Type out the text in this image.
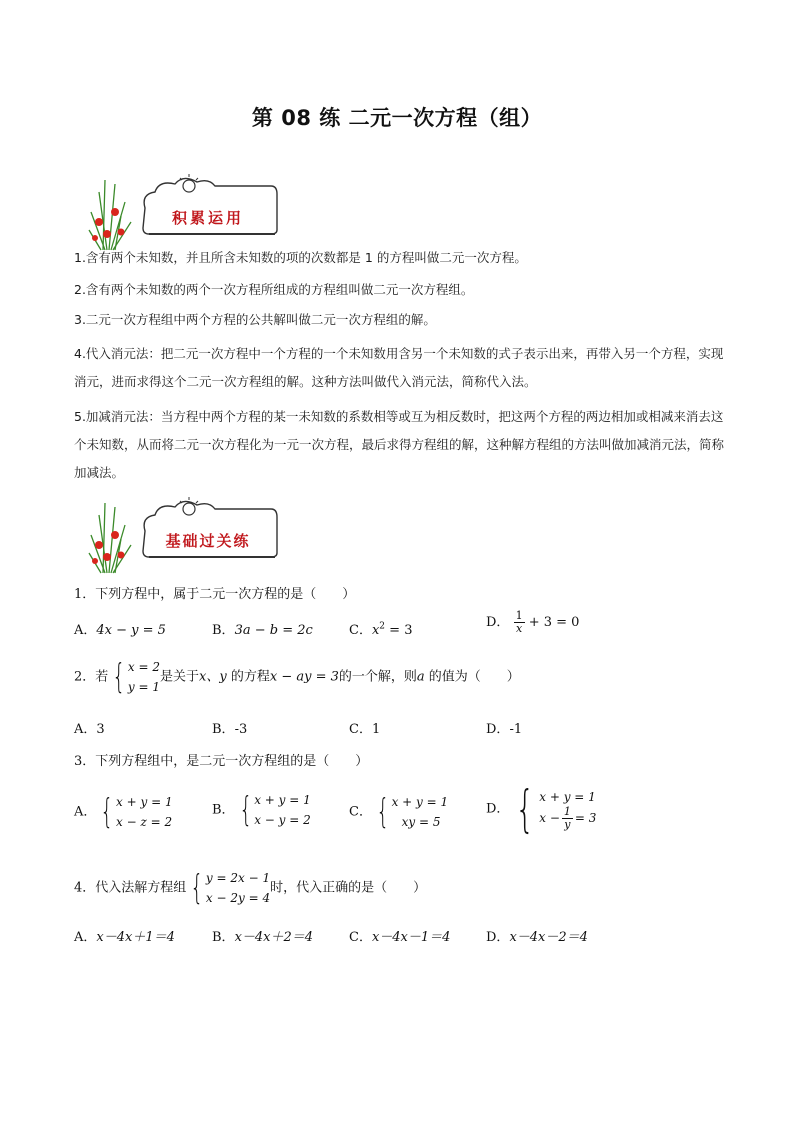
第 08 练 二元一次方程（组）
积累运用
1.含有两个未知数，并且所含未知数的项的次数都是 1 的方程叫做二元一次方程。
2.含有两个未知数的两个一次方程所组成的方程组叫做二元一次方程组。
3.二元一次方程组中两个方程的公共解叫做二元一次方程组的解。
4.代入消元法：把二元一次方程中一个方程的一个未知数用含另一个未知数的式子表示出来，再带入另一个方程，实现消元，进而求得这个二元一次方程组的解。这种方法叫做代入消元法，简称代入法。
5.加减消元法：当方程中两个方程的某一未知数的系数相等或互为相反数时，把这两个方程的两边相加或相减来消去这个未知数，从而将二元一次方程化为一元一次方程，最后求得方程组的解，这种解方程组的方法叫做加减消元法，简称加减法。
基础过关练
1．下列方程中，属于二元一次方程的是（　　）
A．4x − y = 5	B．3a − b = 2c	C．$x^2 = 3$
D． $\frac{1}{x} + 3 = 0$
2．若 { x = 2
y = 1
是关于x、y 的方程x − ay = 3的一个解，则a 的值为（　　）
A．3	B．-3	C．1	D．-1
3．下列方程组中，是二元一次方程组的是（　　）
A． { x + y = 1
x − z = 2
B． { x + y = 1
x − y = 2
C． { x + y = 1
xy = 5
D． { x + y = 1
$x - \frac{1}{y} = 3$
4．代入法解方程组 { y = 2x − 1
x − 2y = 4
时，代入正确的是（　　）
A．x－4x＋1＝4	B．x－4x＋2＝4	C．x－4x－1＝4	D．x－4x－2＝4
